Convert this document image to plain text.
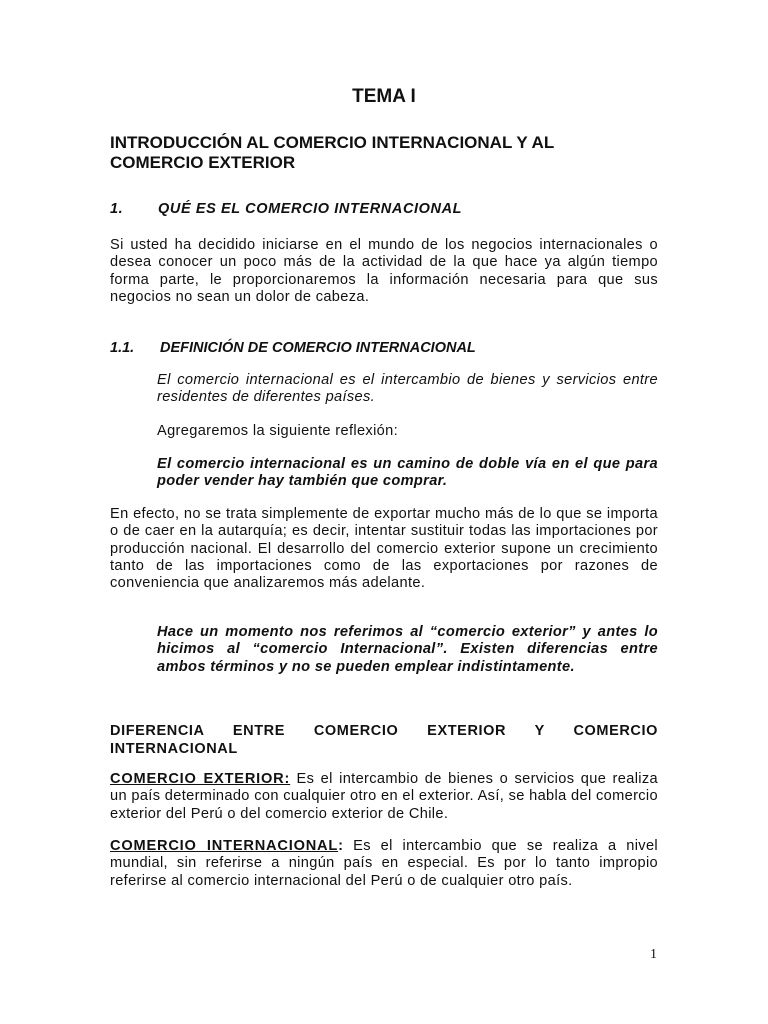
TEMA I
INTRODUCCIÓN AL COMERCIO INTERNACIONAL Y AL COMERCIO EXTERIOR
1. QUÉ ES EL COMERCIO INTERNACIONAL

Si usted ha decidido iniciarse en el mundo de los negocios internacionales o desea conocer un poco más de la actividad de la que hace ya algún tiempo forma parte, le proporcionaremos la información necesaria para que sus negocios no sean un dolor de cabeza.

1.1. DEFINICIÓN DE COMERCIO INTERNACIONAL

El comercio internacional es el intercambio de bienes y servicios entre residentes de diferentes países.

Agregaremos la siguiente reflexión:

El comercio internacional es un camino de doble vía en el que para poder vender hay también que comprar.

En efecto, no se trata simplemente de exportar mucho más de lo que se importa o de caer en la autarquía; es decir, intentar sustituir todas las importaciones por producción nacional. El desarrollo del comercio exterior supone un crecimiento tanto de las importaciones como de las exportaciones por razones de conveniencia que analizaremos más adelante.

Hace un momento nos referimos al “comercio exterior” y antes lo hicimos al “comercio Internacional”. Existen diferencias entre ambos términos y no se pueden emplear indistintamente.

DIFERENCIA ENTRE COMERCIO EXTERIOR Y COMERCIO INTERNACIONAL

COMERCIO EXTERIOR: Es el intercambio de bienes o servicios que realiza un país determinado con cualquier otro en el exterior. Así, se habla del comercio exterior del Perú o del comercio exterior de Chile.

COMERCIO INTERNACIONAL: Es el intercambio que se realiza a nivel mundial, sin referirse a ningún país en especial. Es por lo tanto impropio referirse al comercio internacional del Perú o de cualquier otro país.

1
